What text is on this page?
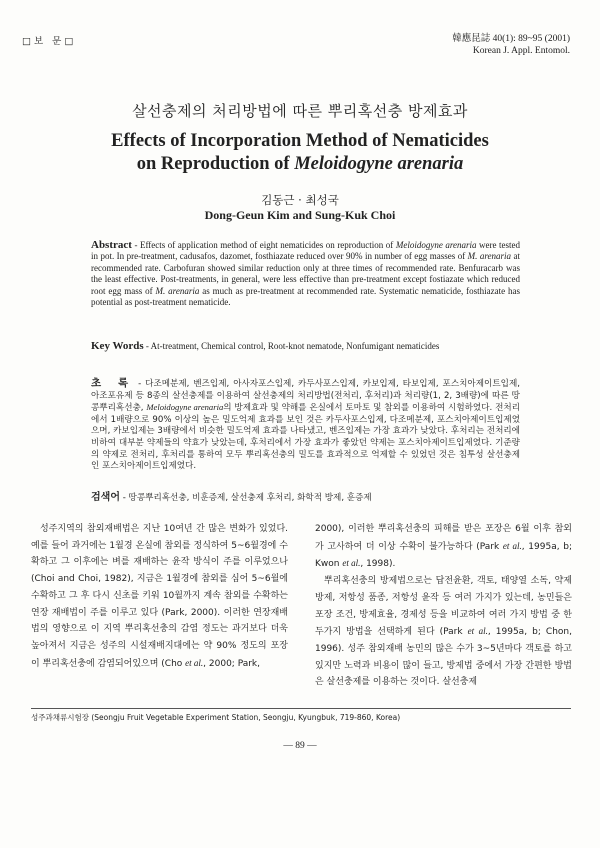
□보 문□	韓應昆誌 40(1): 89~95 (2001)
Korean J. Appl. Entomol.
살선충제의 처리방법에 따른 뿌리혹선충 방제효과
Effects of Incorporation Method of Nematicides
on Reproduction of Meloidogyne arenaria
김동근 · 최성국
Dong-Geun Kim and Sung-Kuk Choi
Abstract - Effects of application method of eight nematicides on reproduction of Meloidogyne arenaria were tested in pot. In pre-treatment, cadusafos, dazomet, fosthiazate reduced over 90% in number of egg masses of M. arenaria at recommended rate. Carbofuran showed similar reduction only at three times of recommended rate. Benfuracarb was the least effective. Post-treatments, in general, were less effective than pre-treatment except fostiazate which reduced root egg mass of M. arenaria as much as pre-treatment at recommended rate. Systematic nematicide, fosthiazate has potential as post-treatment nematicide.
Key Words - At-treatment, Chemical control, Root-knot nematode, Nonfumigant nematicides
초 록 - 다조메분제, 벤즈입제, 아사자포스입제, 카두사포스입제, 카보입제, 타보입제, 포스치아제이트입제, 아조포유제 등 8종의 살선충제를 이용하여 살선충제의 처리방법(전처리, 후처리)과 처리량(1, 2, 3배량)에 따른 땅콩뿌리혹선충, Meloidogyne arenaria의 방제효과 및 약해를 온실에서 토마토 및 참외를 이용하여 시험하였다. 전처리에서 1배량으로 90% 이상의 높은 밀도억제 효과를 보인 것은 카두사포스입제, 다조메분제, 포스치아제이트입제였으며, 카보입제는 3배량에서 비슷한 밀도억제 효과를 나타냈고, 벤즈입제는 가장 효과가 낮았다. 후처리는 전처리에 비하여 대부분 약제들의 약효가 낮았는데, 후처리에서 가장 효과가 좋았던 약제는 포스치아제이트입제였다. 기준량의 약제로 전처리, 후처리를 통하여 모두 뿌리혹선충의 밀도를 효과적으로 억제할 수 있었던 것은 침투성 살선충제인 포스치아제이트입제였다.
검색어 - 땅콩뿌리혹선충, 비훈증제, 살선충제 후처리, 화학적 방제, 훈증제
 성주지역의 참외재배법은 지난 10여년 간 많은 변화가 있었다. 예를 들어 과거에는 1월경 온실에 참외를 정식하여 5~6월경에 수확하고 그 이후에는 벼를 재배하는 윤작 방식이 주를 이루었으나 (Choi and Choi, 1982), 지금은 1월경에 참외를 심어 5~6월에 수확하고 그 후 다시 신초를 키워 10월까지 계속 참외를 수확하는 연장 재배법이 주를 이루고 있다 (Park, 2000). 이러한 연장재배법의 영향으로 이 지역 뿌리혹선충의 감염 정도는 과거보다 더욱 높아져서 지금은 성주의 시설재배지대에는 약 90% 정도의 포장이 뿌리혹선충에 감염되어있으며 (Cho et al., 2000; Park,
2000), 이러한 뿌리혹선충의 피해를 받은 포장은 6월 이후 참외가 고사하여 더 이상 수확이 불가능하다 (Park et al., 1995a, b; Kwon et al., 1998).
 뿌리혹선충의 방제법으로는 답전윤환, 객토, 태양열 소독, 약제방제, 저항성 품종, 저항성 윤작 등 여러 가지가 있는데, 농민들은 포장 조건, 방제효율, 경제성 등을 비교하여 여러 가지 방법 중 한두가지 방법을 선택하게 된다 (Park et al., 1995a, b; Chon, 1996). 성주 참외재배 농민의 많은 수가 3~5년마다 객토를 하고 있지만 노력과 비용이 많이 들고, 방제법 중에서 가장 간편한 방법은 살선충제를 이용하는 것이다. 살선충제
성주과채류시험장 (Seongju Fruit Vegetable Experiment Station, Seongju, Kyungbuk, 719-860, Korea)
— 89 —
